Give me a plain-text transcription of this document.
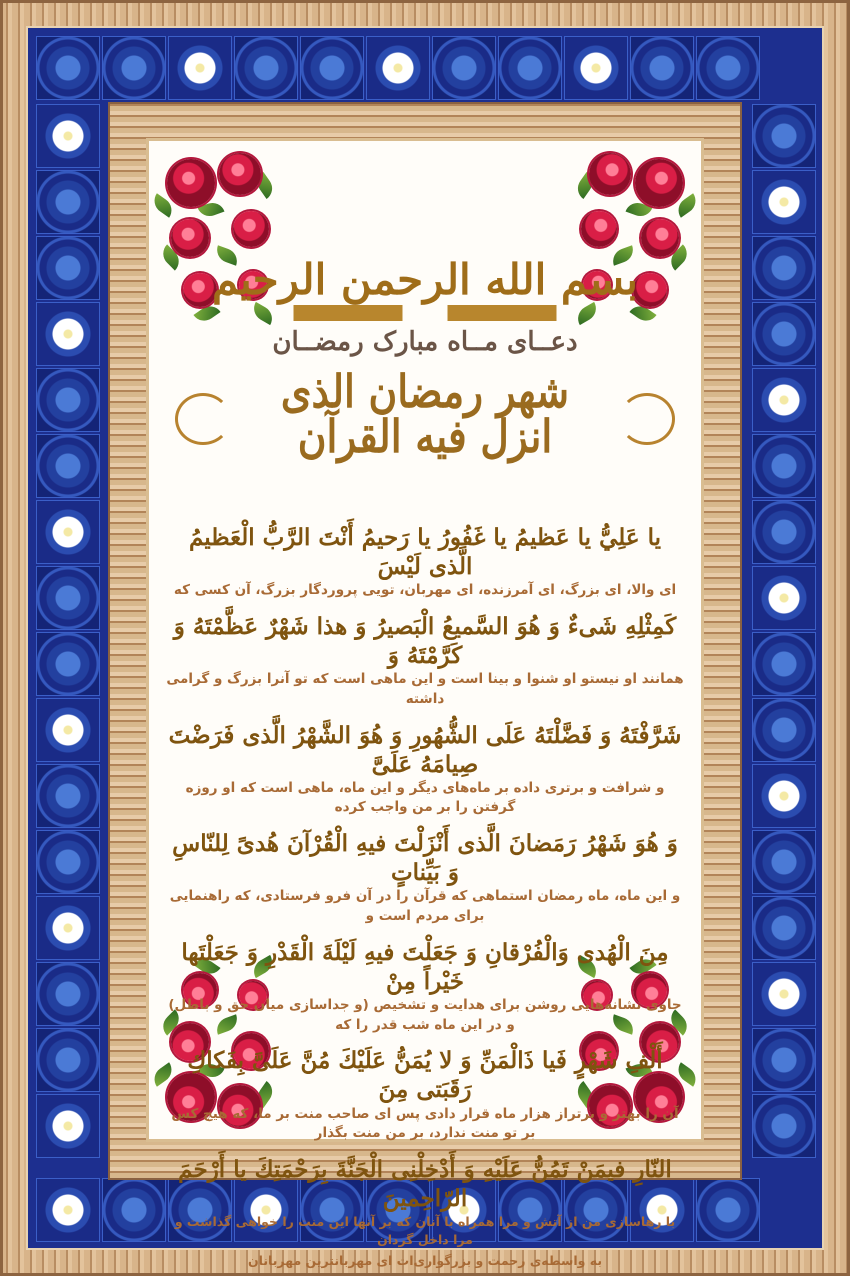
بسم الله الرحمن الرحيم
دعــای مــاه مبارک رمضــان
شهر رمضان الذی انزل فیه القرآن

يا عَلِيُّ يا عَظيمُ يا غَفُورُ يا رَحيمُ أَنْتَ الرَّبُّ الْعَظيمُ الَّذی لَيْسَ

ای والا، ای بزرگ، ای آمرزنده، ای مهربان، تویی پروردگار بزرگ، آن کسی که

كَمِثْلِهِ شَیءٌ وَ هُوَ السَّميعُ الْبَصيرُ وَ هذا شَهْرٌ عَظَّمْتَهُ وَ كَرَّمْتَهُ وَ

همانند او نیستو او شنوا و بینا است و این ماهی است که تو آنرا بزرگ و گرامی داشته

شَرَّفْتَهُ وَ فَضَّلْتَهُ عَلَی الشُّهُورِ وَ هُوَ الشَّهْرُ الَّذی فَرَضْتَ صِيامَهُ عَلَیَّ

و شرافت و برتری داده بر ماه‌های دیگر و این ماه، ماهی است که او روزه گرفتن را بر من واجب کرده

وَ هُوَ شَهْرُ رَمَضانَ الَّذی أَنْزَلْتَ فيهِ الْقُرْآنَ هُدیً لِلنّاسِ وَ بَيِّناتٍ

و این ماه، ماه رمضان استماهی که قرآن را در آن فرو فرستادی، که راهنمایی برای مردم است و

مِنَ الْهُدی وَالْفُرْقانِ وَ جَعَلْتَ فيهِ لَيْلَةَ الْقَدْرِ وَ جَعَلْتَها خَيْراً مِنْ

حاوی نشانه‌هایی روشن برای هدایت و تشخیص (و جداسازی میان حق و باطل) و در این ماه شب قدر را که

أَلْفِ شَهْرٍ فَيا ذَالْمَنِّ وَ لا يُمَنُّ عَلَيْكَ مُنَّ عَلَیَّ بِفَكاكِ رَقَبَتی مِنَ

آن را بهتر و برتراز هزار ماه قرار دادی پس ای صاحب منت بر ما، که هیچ کس بر تو منت ندارد، بر من منت بگذار

النّارِ فيمَنْ تَمُنُّ عَلَيْهِ وَ أَدْخِلْنِی الْجَنَّةَ بِرَحْمَتِكَ يا أَرْحَمَ الرّاحِمينَ

با رهاسازی من از آتش و مرا همراه با آنان که بر آنها این منت را خواهی گذاشت و مرا داخل گردان

به واسطه‌ی رحمت و بزرگواری‌ات ای مهربانترین مهربانان
